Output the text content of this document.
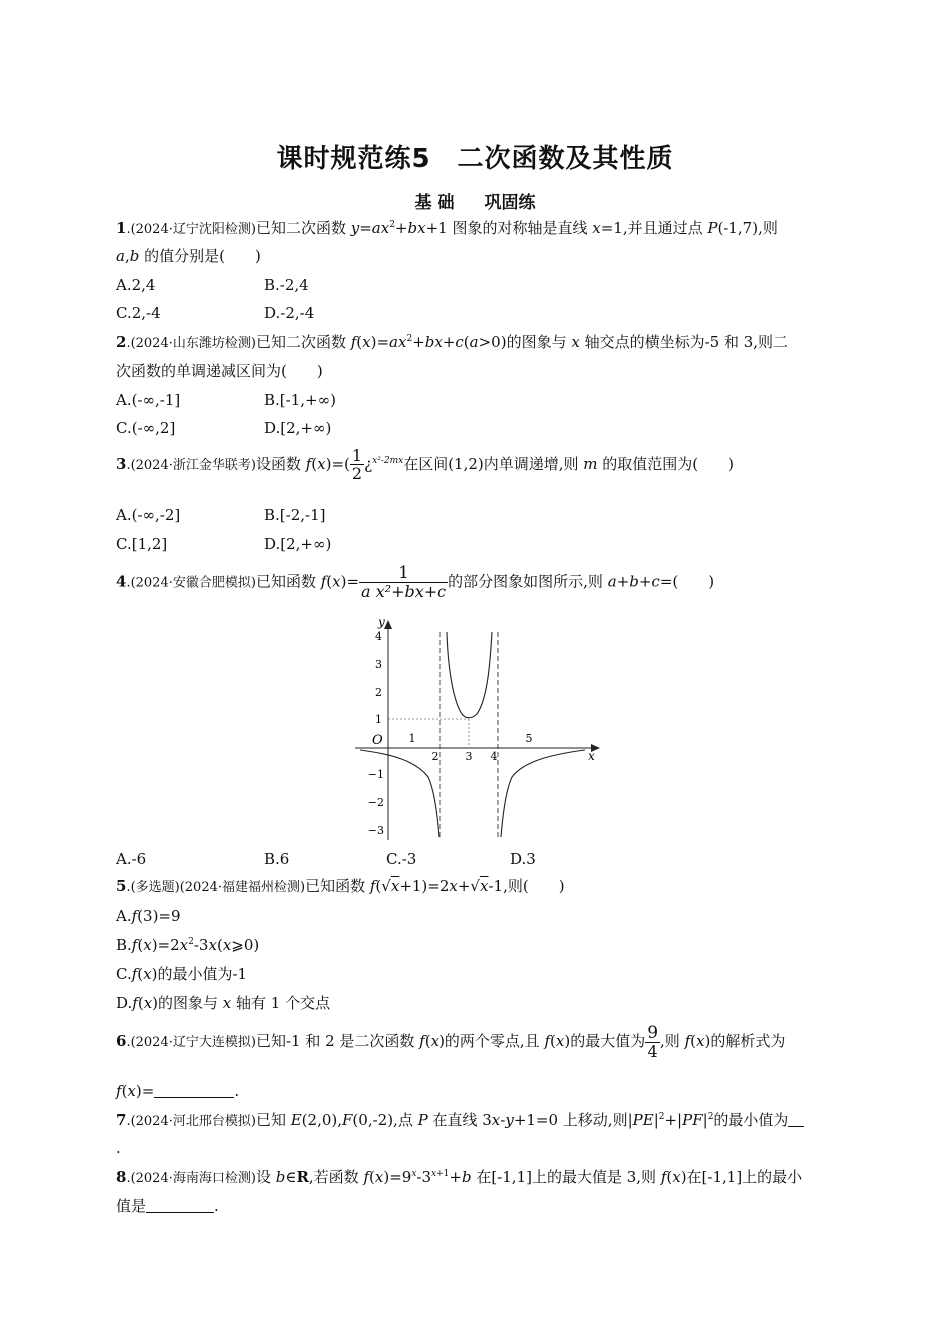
课时规范练5　二次函数及其性质
基 础 巩固练
1.(2024·辽宁沈阳检测)已知二次函数 $y=ax^2+bx+1$ 图象的对称轴是直线 x=1,并且通过点 P(-1,7),则
a,b 的值分别是(　　)
A.2,4	B.-2,4
C.2,-4	D.-2,-4
2.(2024·山东潍坊检测)已知二次函数 $f(x)=ax^2+bx+c(a>0)$的图象与 x 轴交点的横坐标为-5 和 3,则二
次函数的单调递减区间为(　　)
A.(-∞,-1]	B.[-1,+∞)
C.(-∞,2]	D.[2,+∞)
3.(2024·浙江金华联考)设函数 $f(x)=( \frac{1}{2}$ ¿$^{x^2-2mx}$在区间(1,2)内单调递增,则 m 的取值范围为(　　)
A.(-∞,-2]	B.[-2,-1]
C.[1,2]	D.[2,+∞)
4.(2024·安徽合肥模拟)已知函数 $f(x)= \frac{1}{\text{a x²+bx+c}}$ 的部分图象如图所示,则 a+b+c=(　　)
x
y
O
4
3
2
1
−1
−2
−3
1
2 3 4
5
A.-6	B.6	C.-3	D.3
5.(多选题)(2024·福建福州检测)已知函数 f(√x+1)=2x+√x-1,则(　　)
A.f(3)=9
$B.f(x)=2x^2-3x(x⩾0)$
C.f(x)的最小值为-1
D.f(x)的图象与 x 轴有 1 个交点
6.(2024·辽宁大连模拟)已知-1 和 2 是二次函数 f(x)的两个零点,且 f(x)的最大值为 $\frac{9}{4}$ ,则 f(x)的解析式为
f(x)=	.
7.(2024·河北邢台模拟)已知 E(2,0),F(0,-2),点 P 在直线 3x-y+1=0 上移动,则$|PE|^2+|PF|^2$的最小值为
.
8.(2024·海南海口检测)设 b∈R,若函数 $f(x)=9^x-3^{x+1}+b$ 在[-1,1]上的最大值是 3,则 f(x)在[-1,1]上的最小
值是	.
